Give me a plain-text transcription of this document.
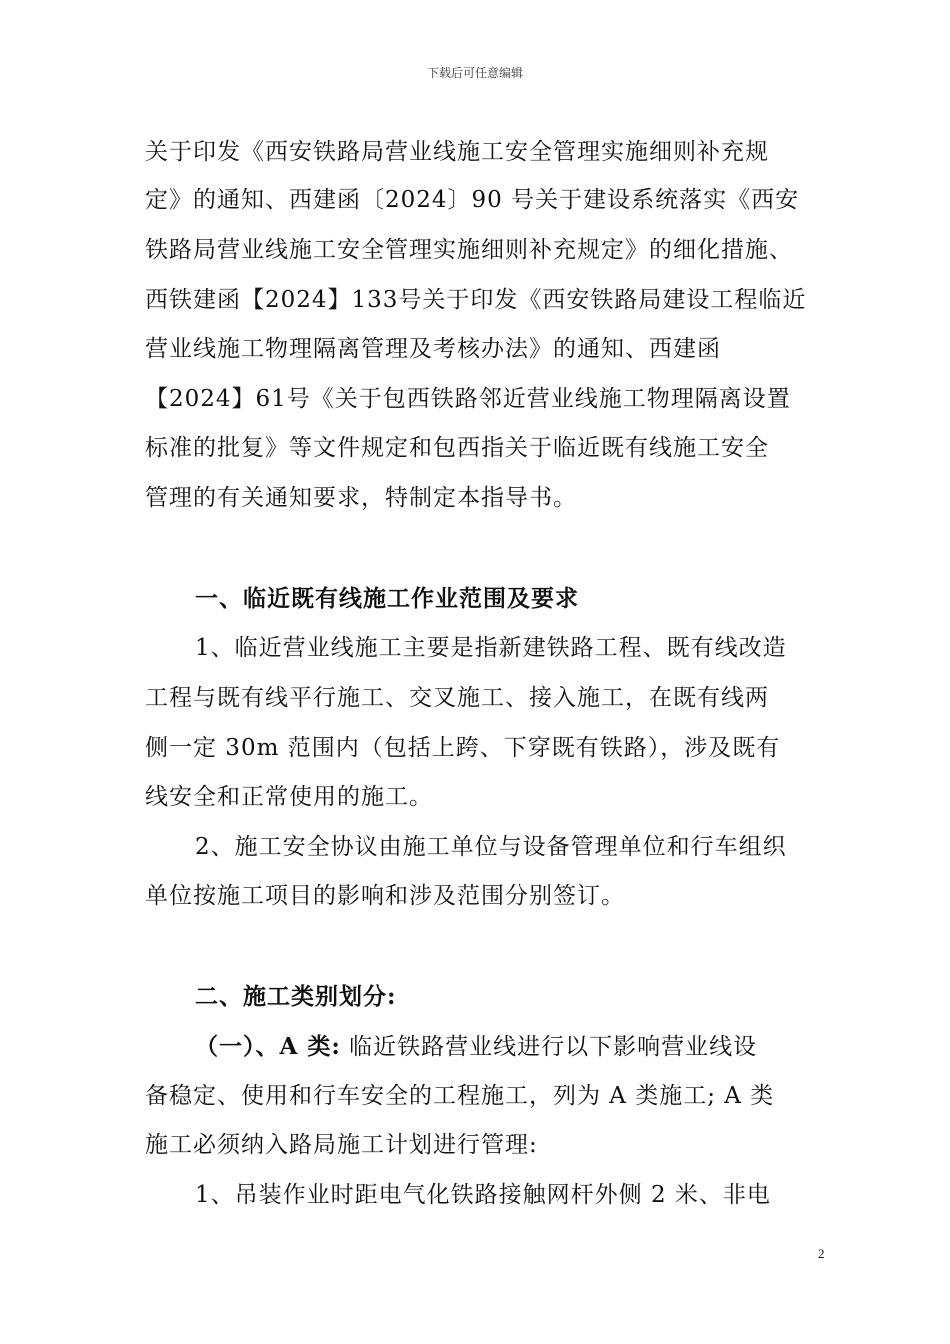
下载后可任意编辑
关于印发《西安铁路局营业线施工安全管理实施细则补充规
定》的通知、西建函〔2024〕90 号关于建设系统落实《西安
铁路局营业线施工安全管理实施细则补充规定》的细化措施、
西铁建函【2024】133号关于印发《西安铁路局建设工程临近
营业线施工物理隔离管理及考核办法》的通知、西建函
【2024】61号《关于包西铁路邻近营业线施工物理隔离设置
标准的批复》等文件规定和包西指关于临近既有线施工安全
管理的有关通知要求，特制定本指导书。
一、临近既有线施工作业范围及要求
1、临近营业线施工主要是指新建铁路工程、既有线改造
工程与既有线平行施工、交叉施工、接入施工，在既有线两
侧一定 30m 范围内（包括上跨、下穿既有铁路），涉及既有
线安全和正常使用的施工。
2、施工安全协议由施工单位与设备管理单位和行车组织
单位按施工项目的影响和涉及范围分别签订。
二、施工类别划分:
（一）、A 类: 临近铁路营业线进行以下影响营业线设
备稳定、使用和行车安全的工程施工，列为 A 类施工; A 类
施工必须纳入路局施工计划进行管理:
1、吊装作业时距电气化铁路接触网杆外侧 2 米、非电
2
